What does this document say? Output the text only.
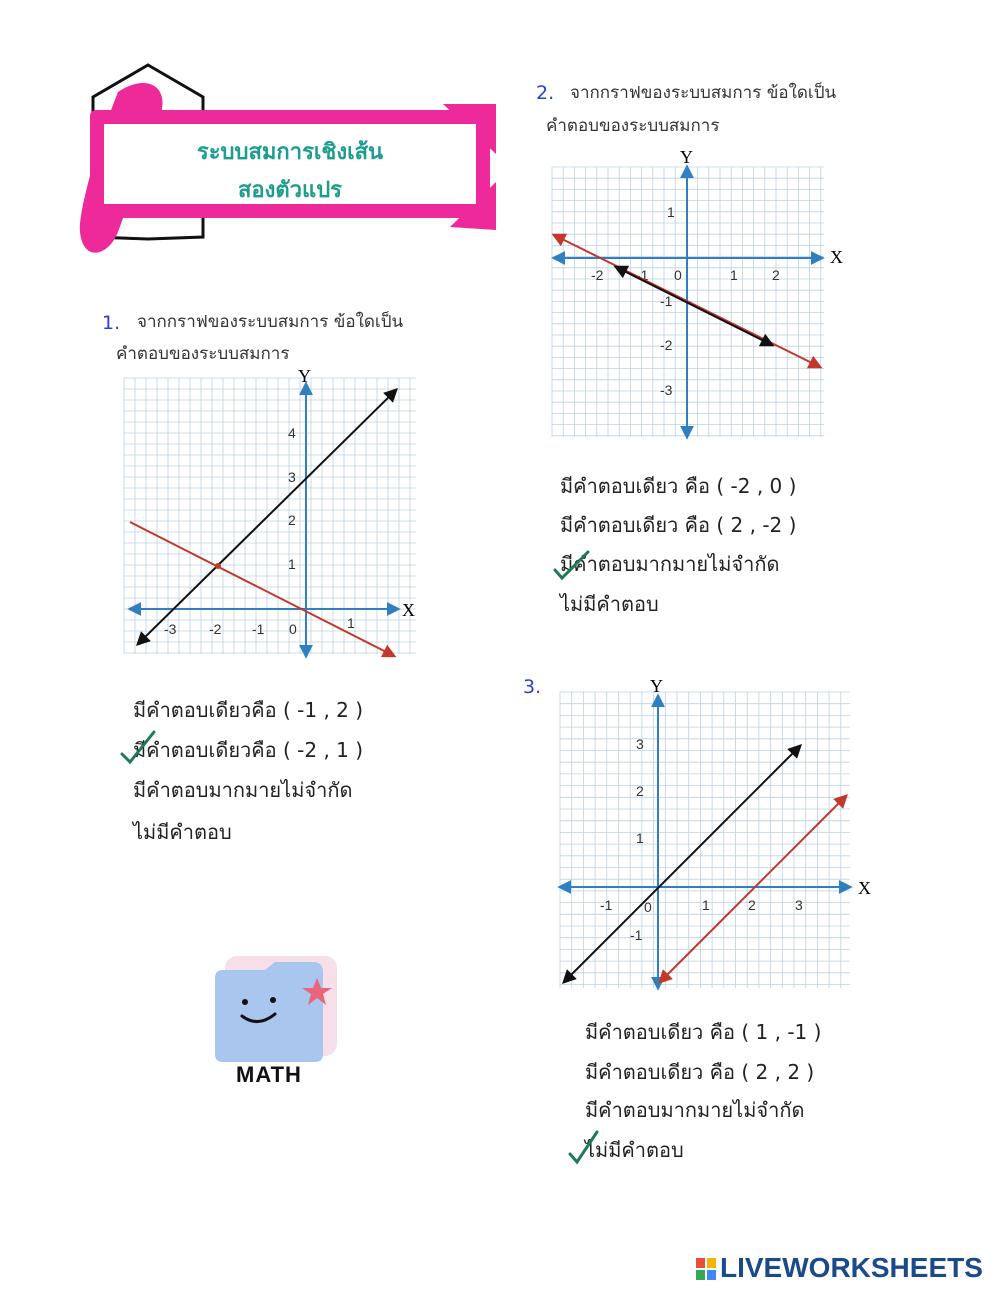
ระบบสมการเชิงเส้น
สองตัวแปร
1. จากกราฟของระบบสมการ ข้อใดเป็น
คำตอบของระบบสมการ
X
Y
-3 -2 -1 0	1
1
2
3
4
มีคำตอบเดียวคือ ( -1 , 2 )
มีคำตอบเดียวคือ ( -2 , 1 )
มีคำตอบมากมายไม่จำกัด
ไม่มีคำตอบ
2. จากกราฟของระบบสมการ ข้อใดเป็น
คำตอบของระบบสมการ
X
Y
-2 -1 0	1 2
1
-1
-2
-3
มีคำตอบเดียว คือ ( -2 , 0 )
มีคำตอบเดียว คือ ( 2 , -2 )
มีคำตอบมากมายไม่จำกัด
ไม่มีคำตอบ
3.
X
Y
-1 0	1	2	3
3
2
1
-1
มีคำตอบเดียว คือ ( 1 , -1 )
มีคำตอบเดียว คือ ( 2 , 2 )
มีคำตอบมากมายไม่จำกัด
ไม่มีคำตอบ
MATH
LIVEWORKSHEETS
